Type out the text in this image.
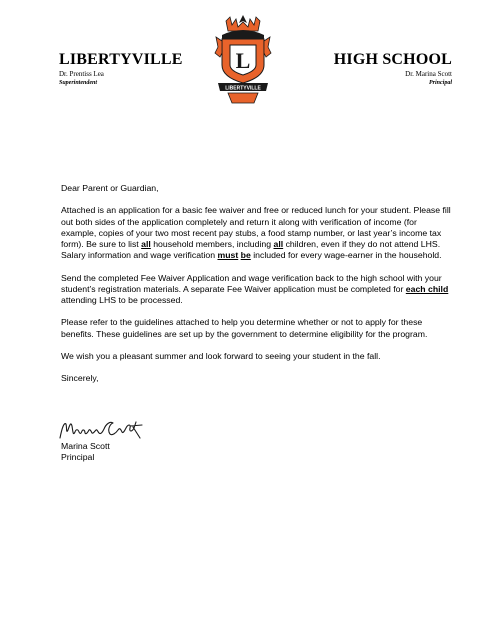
LIBERTYVILLE
Dr. Prentiss Lea
Superintendent
L
LIBERTYVILLE
HIGH SCHOOL
Dr. Marina Scott
Principal

Dear Parent or Guardian,

Attached is an application for a basic fee waiver and free or reduced lunch for your student. Please fill out both sides of the application completely and return it along with verification of income (for example, copies of your two most recent pay stubs, a food stamp number, or last year’s income tax form). Be sure to list all household members, including all children, even if they do not attend LHS. Salary information and wage verification must be included for every wage-earner in the household.

Send the completed Fee Waiver Application and wage verification back to the high school with your student’s registration materials. A separate Fee Waiver application must be completed for each child attending LHS to be processed.

Please refer to the guidelines attached to help you determine whether or not to apply for these benefits. These guidelines are set up by the government to determine eligibility for the program.

We wish you a pleasant summer and look forward to seeing your student in the fall.

Sincerely,

Marina Scott
Principal
